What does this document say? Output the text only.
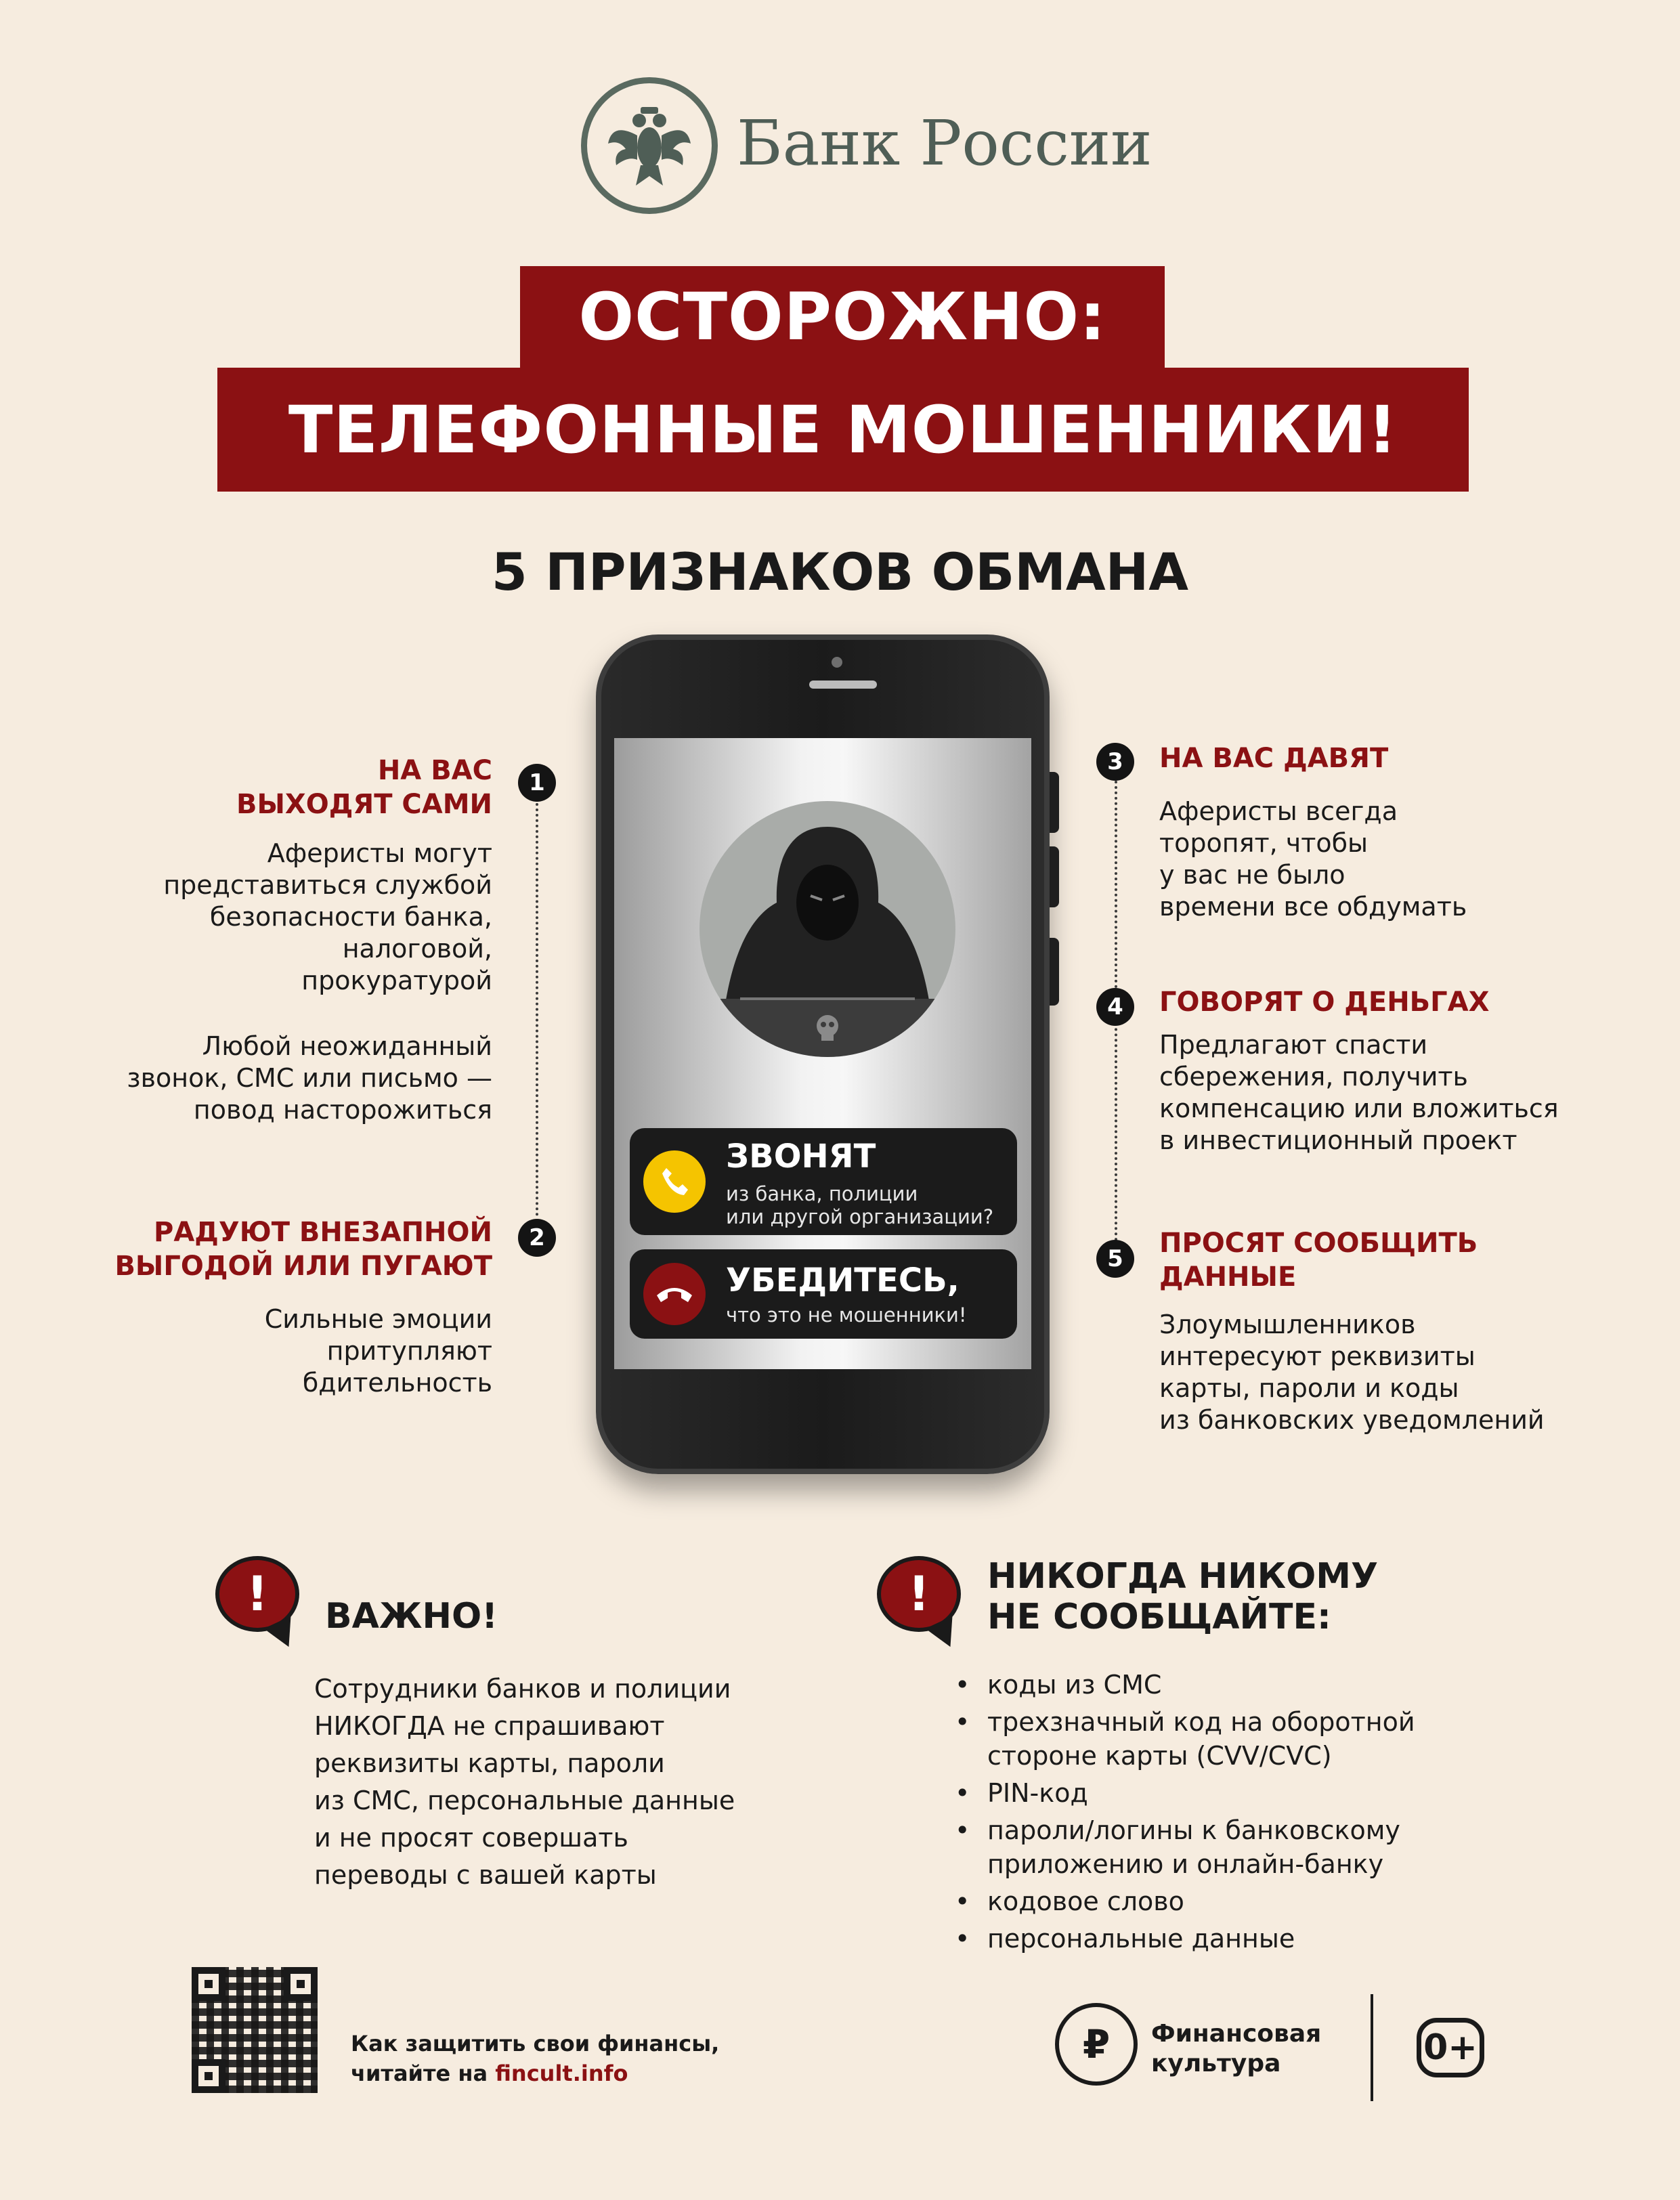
Банк России
ОСТОРОЖНО:
ТЕЛЕФОННЫЕ МОШЕННИКИ!
5 ПРИЗНАКОВ ОБМАНА
ЗВОНЯТ
из банка, полиции
или другой организации?
УБЕДИТЕСЬ,
что это не мошенники!
1
НА ВАС
ВЫХОДЯТ САМИ
Аферисты могут
представиться службой
безопасности банка,
налоговой,
прокуратурой
Любой неожиданный
звонок, СМС или письмо —
повод насторожиться
2
РАДУЮТ ВНЕЗАПНОЙ
ВЫГОДОЙ ИЛИ ПУГАЮТ
Сильные эмоции
притупляют
бдительность
3	НА ВАС ДАВЯТ
Аферисты всегда
торопят, чтобы
у вас не было
времени все обдумать
4	ГОВОРЯТ О ДЕНЬГАХ
Предлагают спасти
сбережения, получить
компенсацию или вложиться
в инвестиционный проект
5	ПРОСЯТ СООБЩИТЬ
ДАННЫЕ
Злоумышленников
интересуют реквизиты
карты, пароли и коды
из банковских уведомлений
! ВАЖНО!
Сотрудники банков и полиции
НИКОГДА не спрашивают
реквизиты карты, пароли
из СМС, персональные данные
и не просят совершать
переводы с вашей карты
! НИКОГДА НИКОМУ
НЕ СООБЩАЙТЕ:
• коды из СМС
• трехзначный код на оборотной
стороне карты (CVV/CVC)
• PIN-код
• пароли/логины к банковскому
приложению и онлайн-банку
• кодовое слово
• персональные данные
Как защитить свои финансы,
читайте на fincult.info
₽ Финансовая
культура	0+
